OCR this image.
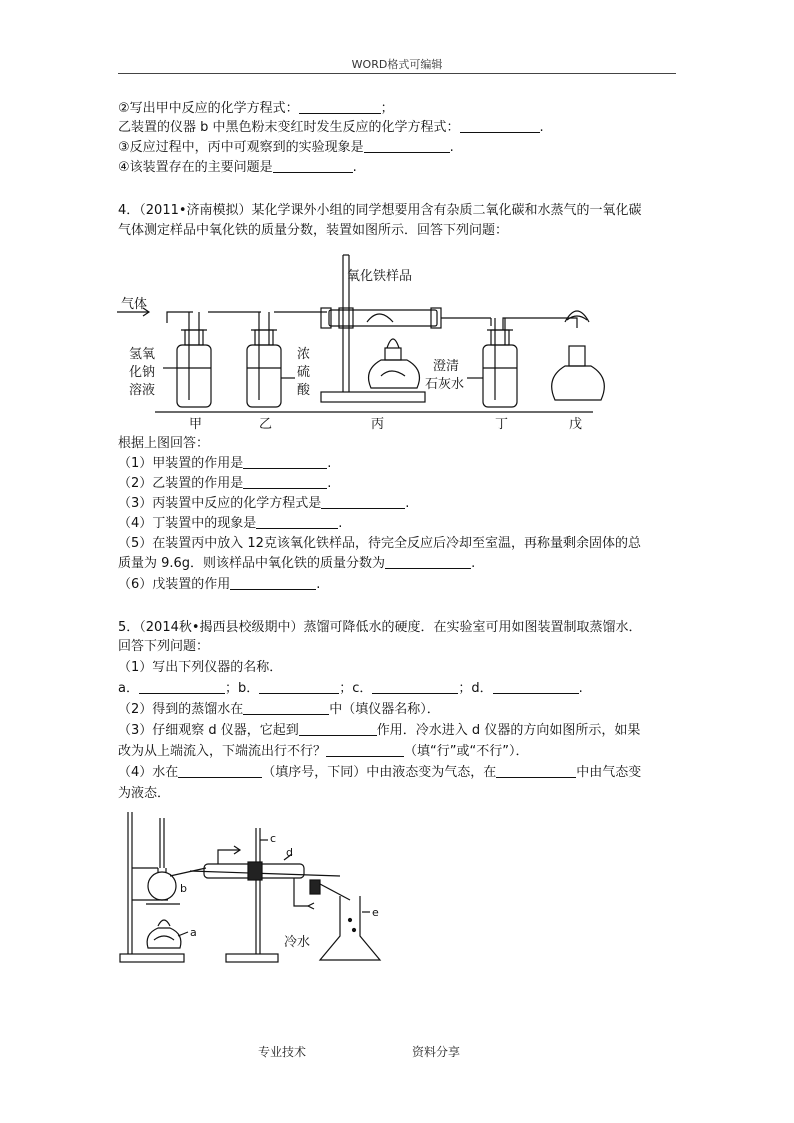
WORD格式可编辑
②写出甲中反应的化学方程式：	；
乙装置的仪器 b 中黑色粉末变红时发生反应的化学方程式：	.
③反应过程中，丙中可观察到的实验现象是	.
④该装置存在的主要问题是	.
4．（2011•济南模拟）某化学课外小组的同学想要用含有杂质二氧化碳和水蒸气的一氧化碳
气体测定样品中氧化铁的质量分数，装置如图所示．回答下列问题：
气体
氧化铁样品
氢氧
化钠
溶液
浓
硫
酸
澄清
石灰水
甲	乙	丙	丁	戊
根据上图回答：
（1）甲装置的作用是	.
（2）乙装置的作用是	.
（3）丙装置中反应的化学方程式是	.
（4）丁装置中的现象是	.
（5）在装置丙中放入 12克该氧化铁样品，待完全反应后冷却至室温，再称量剩余固体的总
质量为 9.6g．则该样品中氧化铁的质量分数为	.
（6）戊装置的作用	.
5．（2014秋•揭西县校级期中）蒸馏可降低水的硬度．在实验室可用如图装置制取蒸馏水．
回答下列问题：
（1）写出下列仪器的名称．
a．	；b．	；c．	；d．	.
（2）得到的蒸馏水在	中（填仪器名称）．
（3）仔细观察 d 仪器，它起到	作用．冷水进入 d 仪器的方向如图所示，如果
改为从上端流入，下端流出行不行？	（填“行”或“不行”）．
（4）水在	（填序号，下同）中由液态变为气态，在	中由气态变
为液态．
b
c
d
a
e
冷水
专业技术	资料分享
